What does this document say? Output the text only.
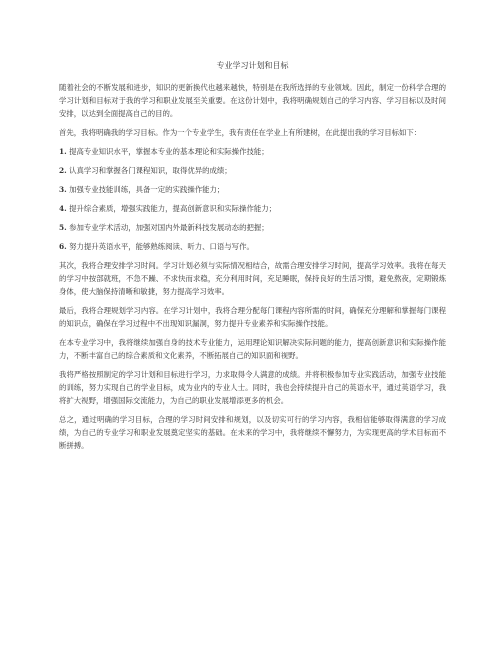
专业学习计划和目标

随着社会的不断发展和进步，知识的更新换代也越来越快，特别是在我所选择的专业领域。因此，制定一份科学合理的学习计划和目标对于我的学习和职业发展至关重要。在这份计划中，我将明确规划自己的学习内容、学习目标以及时间安排，以达到全面提高自己的目的。

首先，我将明确我的学习目标。作为一个专业学生，我有责任在学业上有所建树，在此提出我的学习目标如下：

1. 提高专业知识水平，掌握本专业的基本理论和实际操作技能；
2. 认真学习和掌握各门课程知识，取得优异的成绩；
3. 加强专业技能训练，具备一定的实践操作能力；
4. 提升综合素质，增强实践能力，提高创新意识和实际操作能力；
5. 参加专业学术活动，加强对国内外最新科技发展动态的把握；
6. 努力提升英语水平，能够熟练阅读、听力、口语与写作。

其次，我将合理安排学习时间。学习计划必须与实际情况相结合，故需合理安排学习时间，提高学习效率。我将在每天的学习中按部就班，不急不躁、不求快而求稳，充分利用时间，充足睡眠，保持良好的生活习惯，避免熬夜，定期锻炼身体，使大脑保持清晰和敏捷，努力提高学习效率。

最后，我将合理规划学习内容。在学习计划中，我将合理分配每门课程内容所需的时间，确保充分理解和掌握每门课程的知识点，确保在学习过程中不出现知识漏洞，努力提升专业素养和实际操作技能。

在本专业学习中，我将继续加强自身的技术专业能力，运用理论知识解决实际问题的能力，提高创新意识和实际操作能力，不断丰富自己的综合素质和文化素养，不断拓展自己的知识面和视野。

我将严格按照制定的学习计划和目标进行学习，力求取得令人满意的成绩。并将积极参加专业实践活动，加强专业技能的训练，努力实现自己的学业目标，成为业内的专业人士。同时，我也会持续提升自己的英语水平，通过英语学习，我将扩大视野，增强国际交流能力，为自己的职业发展增添更多的机会。

总之，通过明确的学习目标，合理的学习时间安排和规划，以及切实可行的学习内容，我相信能够取得满意的学习成绩，为自己的专业学习和职业发展奠定坚实的基础。在未来的学习中，我将继续不懈努力，为实现更高的学术目标而不断拼搏。
